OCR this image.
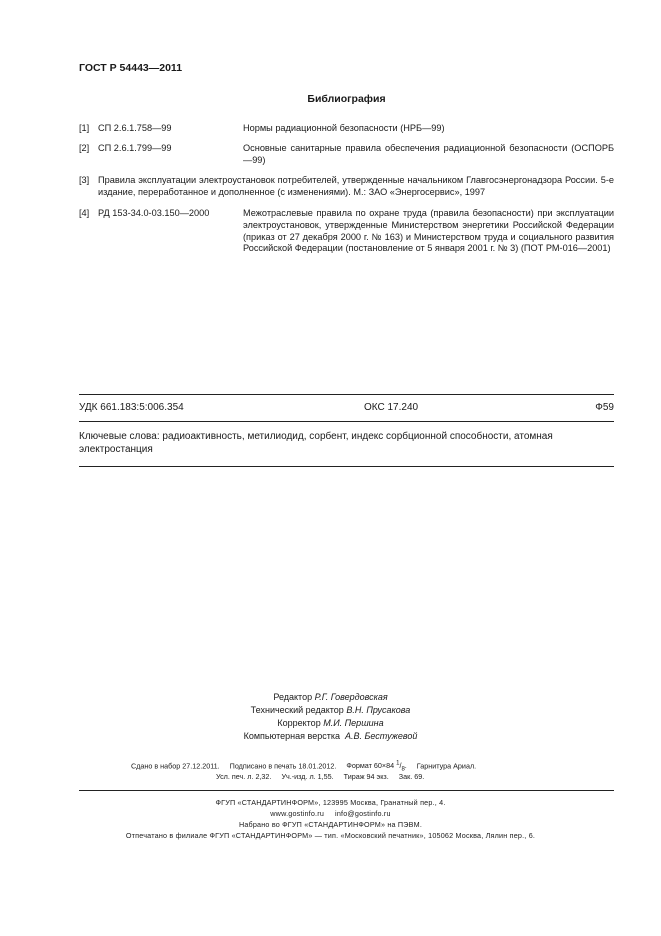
ГОСТ Р 54443—2011
Библиография
[1] СП 2.6.1.758—99	Нормы радиационной безопасности (НРБ—99)
[2] СП 2.6.1.799—99	Основные санитарные правила обеспечения радиационной безопасности (ОСПОРБ—99)
[3] Правила эксплуатации электроустановок потребителей, утвержденные начальником Главгосэнергонадзора России. 5-е издание, переработанное и дополненное (с изменениями). М.: ЗАО «Энергосервис», 1997
[4] РД 153-34.0-03.150—2000	Межотраслевые правила по охране труда (правила безопасности) при эксплуатации электроустановок, утвержденные Министерством энергетики Российской Федерации (приказ от 27 декабря 2000 г. № 163) и Министерством труда и социального развития Российской Федерации (постановление от 5 января 2001 г. № 3) (ПОТ РМ-016—2001)
УДК 661.183:5:006.354	ОКС 17.240	Ф59
Ключевые слова: радиоактивность, метилиодид, сорбент, индекс сорбционной способности, атомная электростанция
Редактор Р.Г. Говердовская
Технический редактор В.Н. Прусакова
Корректор М.И. Першина
Компьютерная верстка А.В. Бестужевой
Сдано в набор 27.12.2011. Подписано в печать 18.01.2012. Формат 60×84 $^1/_8$. Гарнитура Ариал.
Усл. печ. л. 2,32. Уч.-изд. л. 1,55. Тираж 94 экз. Зак. 69.
ФГУП «СТАНДАРТИНФОРМ», 123995 Москва, Гранатный пер., 4.
www.gostinfo.ru info@gostinfo.ru
Набрано во ФГУП «СТАНДАРТИНФОРМ» на ПЭВМ.
Отпечатано в филиале ФГУП «СТАНДАРТИНФОРМ» — тип. «Московский печатник», 105062 Москва, Лялин пер., 6.
